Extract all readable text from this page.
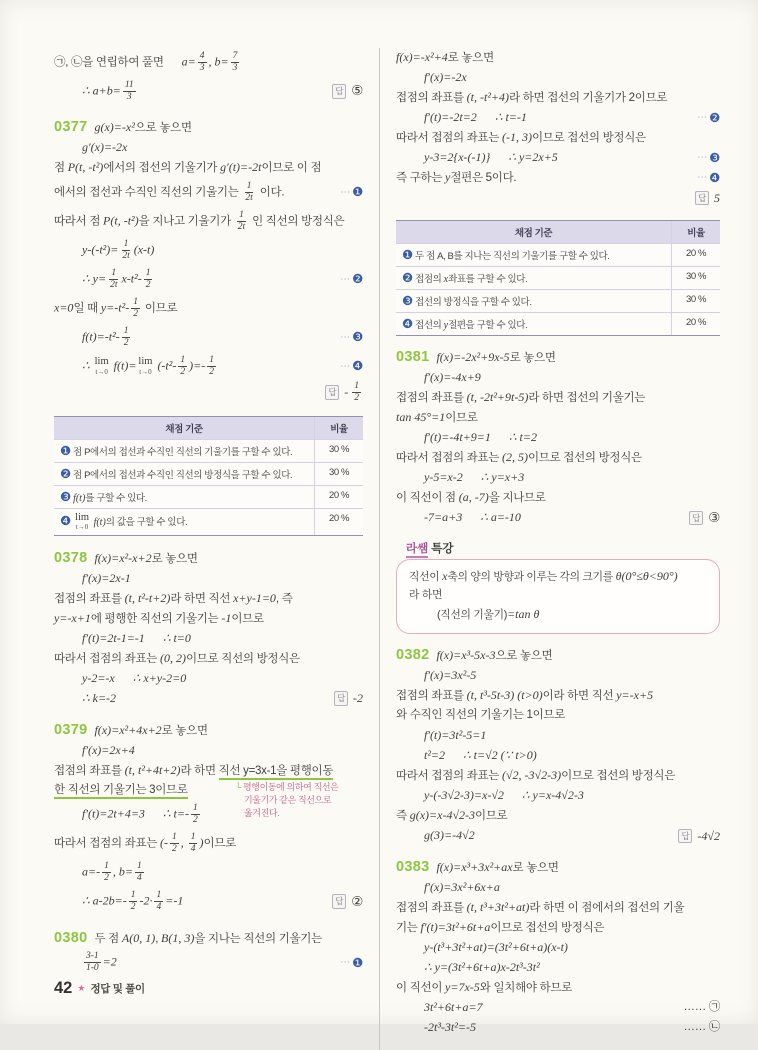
㉠, ㉡을 연립하여 풀면 $a= \frac{4}{3}$ , $b= \frac{7}{3}$
∴ $a+b= \frac{11}{3}$	답 ⑤
0377 g(x)=-x²으로 놓으면
g′(x)=-2x
점 P(t, -t²)에서의 접선의 기울기가 g′(t)=-2t이므로 이 점
에서의 접선과 수직인 직선의 기울기는 $\frac{1}{2t}$ 이다.	⋯ ❶
따라서 점 P(t, -t²)을 지나고 기울기가 $\frac{1}{2t}$ 인 직선의 방정식은
$y-(-t^2)= \frac{1}{2t} (x-t)$
∴ $y= \frac{1}{2t} x-t^2- \frac{1}{2}$	⋯ ❷
x=0일 때 $y=-t^2- \frac{1}{2}$ 이므로
$f(t)=-t^2- \frac{1}{2}$	⋯ ❸
∴ lim
t→0 f(t)= lim
t→0 ($-t^2- \frac{1}{2}$ )=- $\frac{1}{2}$	⋯ ❹
답 - $\frac{1}{2}$
채점 기준	비율
❶ 점 P에서의 접선과 수직인 직선의 기울기를 구할 수 있다.	30 %
❷ 점 P에서의 접선과 수직인 직선의 방정식을 구할 수 있다.	30 %
❸ f(t)를 구할 수 있다.	20 %
❹ lim
t→0 f(t)의 값을 구할 수 있다.	20 %
0378 f(x)=x²-x+2로 놓으면
f′(x)=2x-1
접점의 좌표를 (t, t²-t+2)라 하면 직선 x+y-1=0, 즉
y=-x+1에 평행한 직선의 기울기는 -1이므로
f′(t)=2t-1=-1 ∴ t=0
따라서 접점의 좌표는 (0, 2)이므로 직선의 방정식은
y-2=-x ∴ x+y-2=0
∴ k=-2	답 -2
0379 f(x)=x²+4x+2로 놓으면
f′(x)=2x+4
접점의 좌표를 (t, t²+4t+2)라 하면 직선 y=3x-1을 평행이동
한 직선의 기울기는 3이므로	└ 평행이동에 의하여 직선은
기울기가 같은 직선으로
옮겨진다.
f′(t)=2t+4=3 ∴ $t=- \frac{1}{2}$
따라서 접점의 좌표는 (- $\frac{1}{2}$ , $\frac{1}{4}$ )이므로
$a=- \frac{1}{2}$ , $b= \frac{1}{4}$
∴ $a-2b=- \frac{1}{2} -2\cdot \frac{1}{4} =-1$	답 ②
0380 두 점 A(0, 1), B(1, 3)을 지나는 직선의 기울기는
$\frac{3-1}{1-0} =2$	⋯ ❶
f(x)=-x²+4로 놓으면
f′(x)=-2x
접점의 좌표를 (t, -t²+4)라 하면 접선의 기울기가 2이므로
f′(t)=-2t=2 ∴ t=-1	⋯ ❷
따라서 접점의 좌표는 (-1, 3)이므로 접선의 방정식은
y-3=2{x-(-1)} ∴ y=2x+5	⋯ ❸
즉 구하는 y절편은 5이다.	⋯ ❹
답 5
채점 기준	비율
❶ 두 점 A, B를 지나는 직선의 기울기를 구할 수 있다.	20 %
❷ 접점의 x좌표를 구할 수 있다.	30 %
❸ 접선의 방정식을 구할 수 있다.	30 %
❹ 접선의 y절편을 구할 수 있다.	20 %
0381 f(x)=-2x²+9x-5로 놓으면
f′(x)=-4x+9
접점의 좌표를 (t, -2t²+9t-5)라 하면 접선의 기울기는
tan 45°=1이므로
f′(t)=-4t+9=1 ∴ t=2
따라서 접점의 좌표는 (2, 5)이므로 접선의 방정식은
y-5=x-2 ∴ y=x+3
이 직선이 점 (a, -7)을 지나므로
-7=a+3 ∴ a=-10	답 ③
라쌤 특강
직선이 x축의 양의 방향과 이루는 각의 크기를 θ(0°≤θ<90°)
라 하면
(직선의 기울기)=tan θ
0382 f(x)=x³-5x-3으로 놓으면
f′(x)=3x²-5
접점의 좌표를 (t, t³-5t-3) (t>0)이라 하면 직선 y=-x+5
와 수직인 직선의 기울기는 1이므로
f′(t)=3t²-5=1
t²=2 ∴ t=√2 (∵ t>0)
따라서 접점의 좌표는 (√2, -3√2-3)이므로 접선의 방정식은
y-(-3√2-3)=x-√2 ∴ y=x-4√2-3
즉 g(x)=x-4√2-3이므로
g(3)=-4√2	답 -4√2
0383 f(x)=x³+3x²+ax로 놓으면
f′(x)=3x²+6x+a
접점의 좌표를 (t, t³+3t²+at)라 하면 이 점에서의 접선의 기울
기는 f′(t)=3t²+6t+a이므로 접선의 방정식은
y-(t³+3t²+at)=(3t²+6t+a)(x-t)
∴ y=(3t²+6t+a)x-2t³-3t²
이 직선이 y=7x-5와 일치해야 하므로
3t²+6t+a=7	…… ㉠
-2t³-3t²=-5	…… ㉡
42 ★ 정답 및 풀이
